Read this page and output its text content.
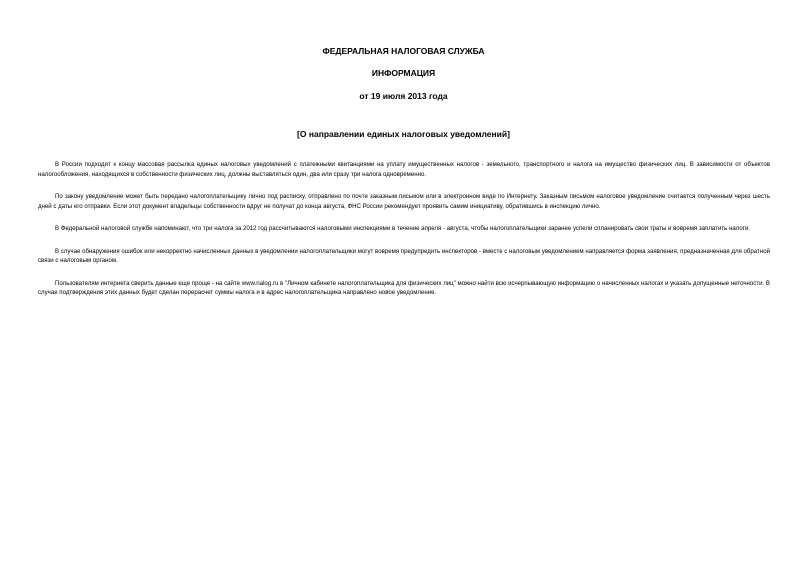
ФЕДЕРАЛЬНАЯ НАЛОГОВАЯ СЛУЖБА
ИНФОРМАЦИЯ
от 19 июля 2013 года
[О направлении единых налоговых уведомлений]

В России подходит к концу массовая рассылка единых налоговых уведомлений с платежными квитанциями на уплату имущественных налогов - земельного, транспортного и налога на имущество физических лиц. В зависимости от объектов налогообложения, находящихся в собственности физических лиц, должны выставляться один, два или сразу три налога одновременно.

По закону уведомление может быть передано налогоплательщику лично под расписку, отправлено по почте заказным письмом или в электронном виде по Интернету. Заказным письмом налоговое уведомление считается полученным через шесть дней с даты его отправки. Если этот документ владельцы собственности вдруг не получат до конца августа, ФНС России рекомендует проявить самим инициативу, обратившись в инспекцию лично.

В Федеральной налоговой службе напоминают, что три налога за 2012 год рассчитываются налоговыми инспекциями в течение апреля - августа, чтобы налогоплательщики заранее успели спланировать свои траты и вовремя заплатить налоги.

В случае обнаружения ошибок или некорректно начисленных данных в уведомлении налогоплательщики могут вовремя предупредить инспекторов - вместе с налоговым уведомлением направляется форма заявления, предназначенная для обратной связи с налоговым органом.

Пользователям интернета сверить данные еще проще - на сайте www.nalog.ru в "Личном кабинете налогоплательщика для физических лиц" можно найти всю исчерпывающую информацию о начисленных налогах и указать допущенные неточности. В случае подтверждения этих данных будет сделан перерасчет суммы налога и в адрес налогоплательщика направлено новое уведомление.
